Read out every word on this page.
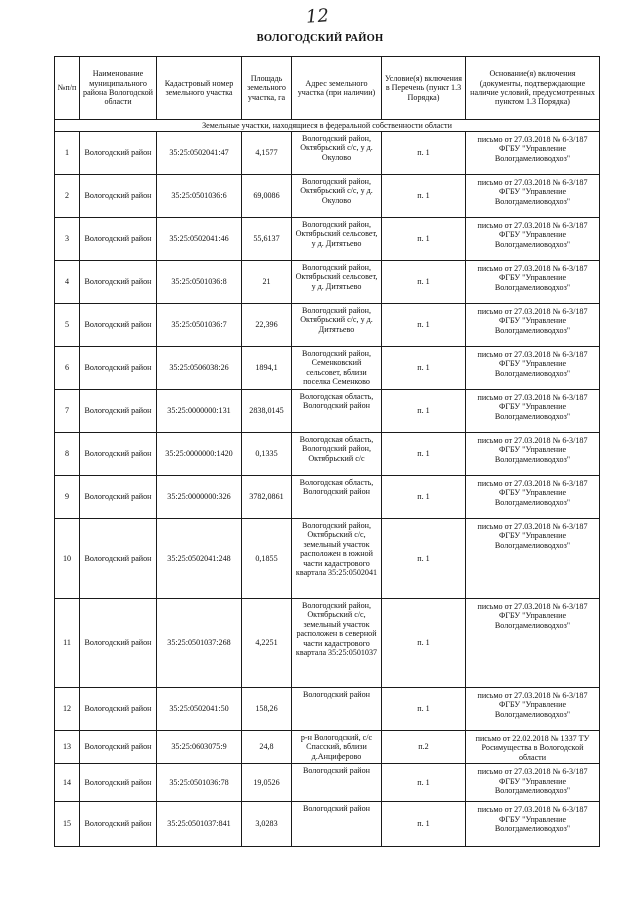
12
ВОЛОГОДСКИЙ РАЙОН
№п/п	Наименование муниципального района Вологодской области	Кадастровый номер земельного участка	Площадь земельного участка, га	Адрес земельного участка (при наличии)	Условие(я) включения в Перечень (пункт 1.3 Порядка)	Основание(я) включения (документы, подтверждающие наличие условий, предусмотренных пунктом 1.3 Порядка)
Земельные участки, находящиеся в федеральной собственности области						
1	Вологодский район	35:25:0502041:47	4,1577	Вологодский район, Октябрьский с/с, у д. Окулово	п. 1	письмо от 27.03.2018 № 6-3/187 ФГБУ "Управление Вологдамелиоводхоз"
2	Вологодский район	35:25:0501036:6	69,0086	Вологодский район, Октябрьский с/с, у д. Окулово	п. 1	письмо от 27.03.2018 № 6-3/187 ФГБУ "Управление Вологдамелиоводхоз"
3	Вологодский район	35:25:0502041:46	55,6137	Вологодский район, Октябрьский сельсовет, у д. Дитятьево	п. 1	письмо от 27.03.2018 № 6-3/187 ФГБУ "Управление Вологдамелиоводхоз"
4	Вологодский район	35:25:0501036:8	21	Вологодский район, Октябрьский сельсовет, у д. Дитятьево	п. 1	письмо от 27.03.2018 № 6-3/187 ФГБУ "Управление Вологдамелиоводхоз"
5	Вологодский район	35:25:0501036:7	22,396	Вологодский район, Октябрьский с/с, у д. Дитятьево	п. 1	письмо от 27.03.2018 № 6-3/187 ФГБУ "Управление Вологдамелиоводхоз"
6	Вологодский район	35:25:0506038:26	1894,1	Вологодский район, Семенковский сельсовет, вблизи поселка Семенково	п. 1	письмо от 27.03.2018 № 6-3/187 ФГБУ "Управление Вологдамелиоводхоз"
7	Вологодский район	35:25:0000000:131	2838,0145	Вологодская область, Вологодский район	п. 1	письмо от 27.03.2018 № 6-3/187 ФГБУ "Управление Вологдамелиоводхоз"
8	Вологодский район	35:25:0000000:1420	0,1335	Вологодская область, Вологодский район, Октябрьский с/с	п. 1	письмо от 27.03.2018 № 6-3/187 ФГБУ "Управление Вологдамелиоводхоз"
9	Вологодский район	35:25:0000000:326	3782,0861	Вологодская область, Вологодский район	п. 1	письмо от 27.03.2018 № 6-3/187 ФГБУ "Управление Вологдамелиоводхоз"
10	Вологодский район	35:25:0502041:248	0,1855	Вологодский район, Октябрьский с/с, земельный участок расположен в южной части кадастрового квартала 35:25:0502041	п. 1	письмо от 27.03.2018 № 6-3/187 ФГБУ "Управление Вологдамелиоводхоз"
11	Вологодский район	35:25:0501037:268	4,2251	Вологодский район, Октябрьский с/с, земельный участок расположен в северной части кадастрового квартала 35:25:0501037	п. 1	письмо от 27.03.2018 № 6-3/187 ФГБУ "Управление Вологдамелиоводхоз"
12	Вологодский район	35:25:0502041:50	158,26	Вологодский район	п. 1	письмо от 27.03.2018 № 6-3/187 ФГБУ "Управление Вологдамелиоводхоз"
13	Вологодский район	35:25:0603075:9	24,8	р-н Вологодский, с/с Спасский, вблизи д.Анциферово	п.2	письмо от 22.02.2018 № 1337 ТУ Росимущества в Вологодской области
14	Вологодский район	35:25:0501036:78	19,0526	Вологодский район	п. 1	письмо от 27.03.2018 № 6-3/187 ФГБУ "Управление Вологдамелиоводхоз"
15	Вологодский район	35:25:0501037:841	3,0283	Вологодский район	п. 1	письмо от 27.03.2018 № 6-3/187 ФГБУ "Управление Вологдамелиоводхоз"
